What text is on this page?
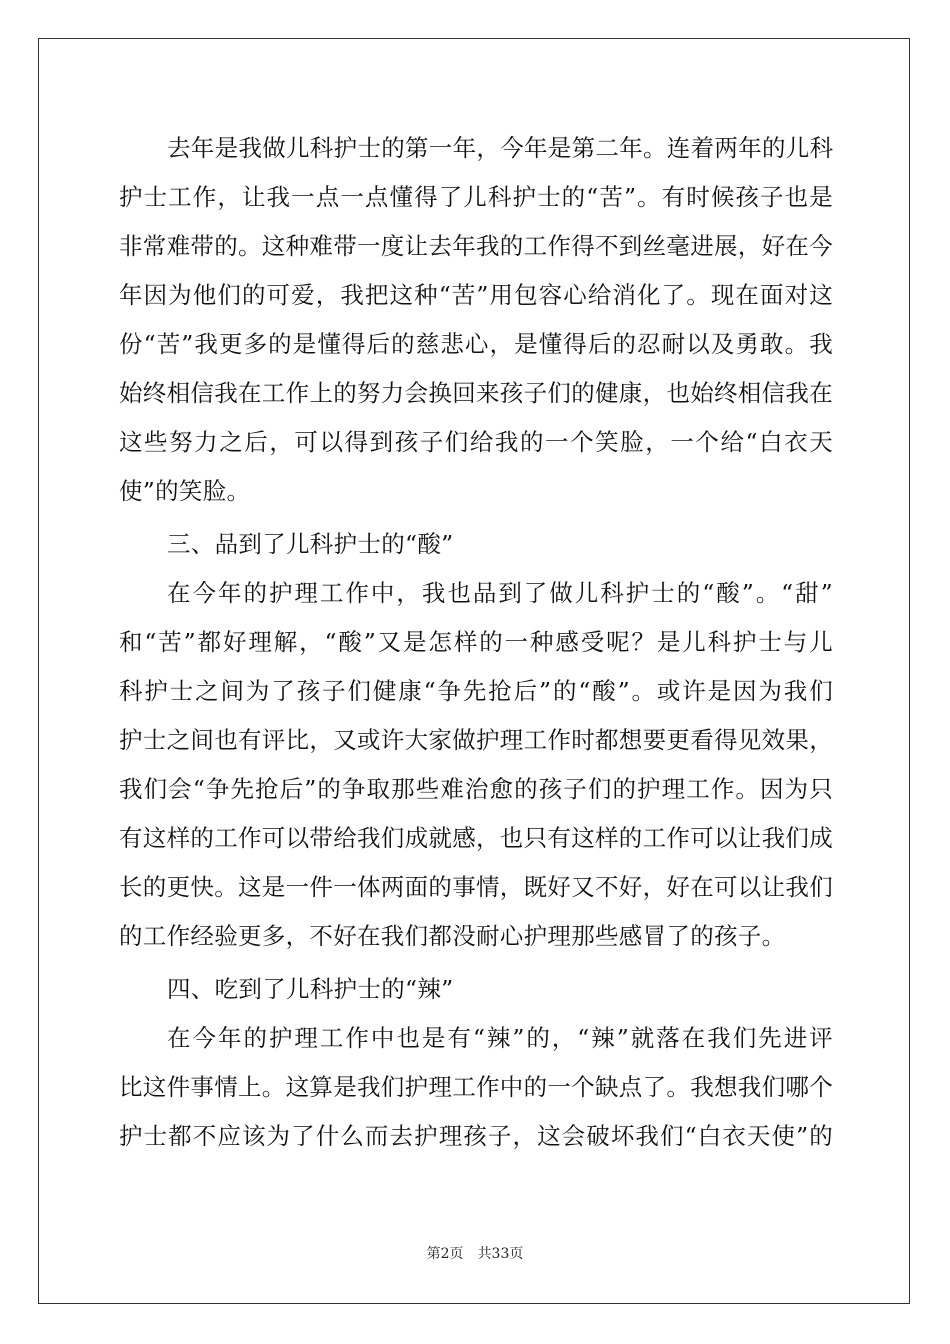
去年是我做儿科护士的第一年，今年是第二年。连着两年的儿科
护士工作，让我一点一点懂得了儿科护士的“苦”。有时候孩子也是
非常难带的。这种难带一度让去年我的工作得不到丝毫进展，好在今
年因为他们的可爱，我把这种“苦”用包容心给消化了。现在面对这
份“苦”我更多的是懂得后的慈悲心，是懂得后的忍耐以及勇敢。我
始终相信我在工作上的努力会换回来孩子们的健康，也始终相信我在
这些努力之后，可以得到孩子们给我的一个笑脸，一个给“白衣天
使”的笑脸。
三、品到了儿科护士的“酸”
在今年的护理工作中，我也品到了做儿科护士的“酸”。“甜”
和“苦”都好理解，“酸”又是怎样的一种感受呢？是儿科护士与儿
科护士之间为了孩子们健康“争先抢后”的“酸”。或许是因为我们
护士之间也有评比，又或许大家做护理工作时都想要更看得见效果，
我们会“争先抢后”的争取那些难治愈的孩子们的护理工作。因为只
有这样的工作可以带给我们成就感，也只有这样的工作可以让我们成
长的更快。这是一件一体两面的事情，既好又不好，好在可以让我们
的工作经验更多，不好在我们都没耐心护理那些感冒了的孩子。
四、吃到了儿科护士的“辣”
在今年的护理工作中也是有“辣”的，“辣”就落在我们先进评
比这件事情上。这算是我们护理工作中的一个缺点了。我想我们哪个
护士都不应该为了什么而去护理孩子，这会破坏我们“白衣天使”的
第2页　共33页
